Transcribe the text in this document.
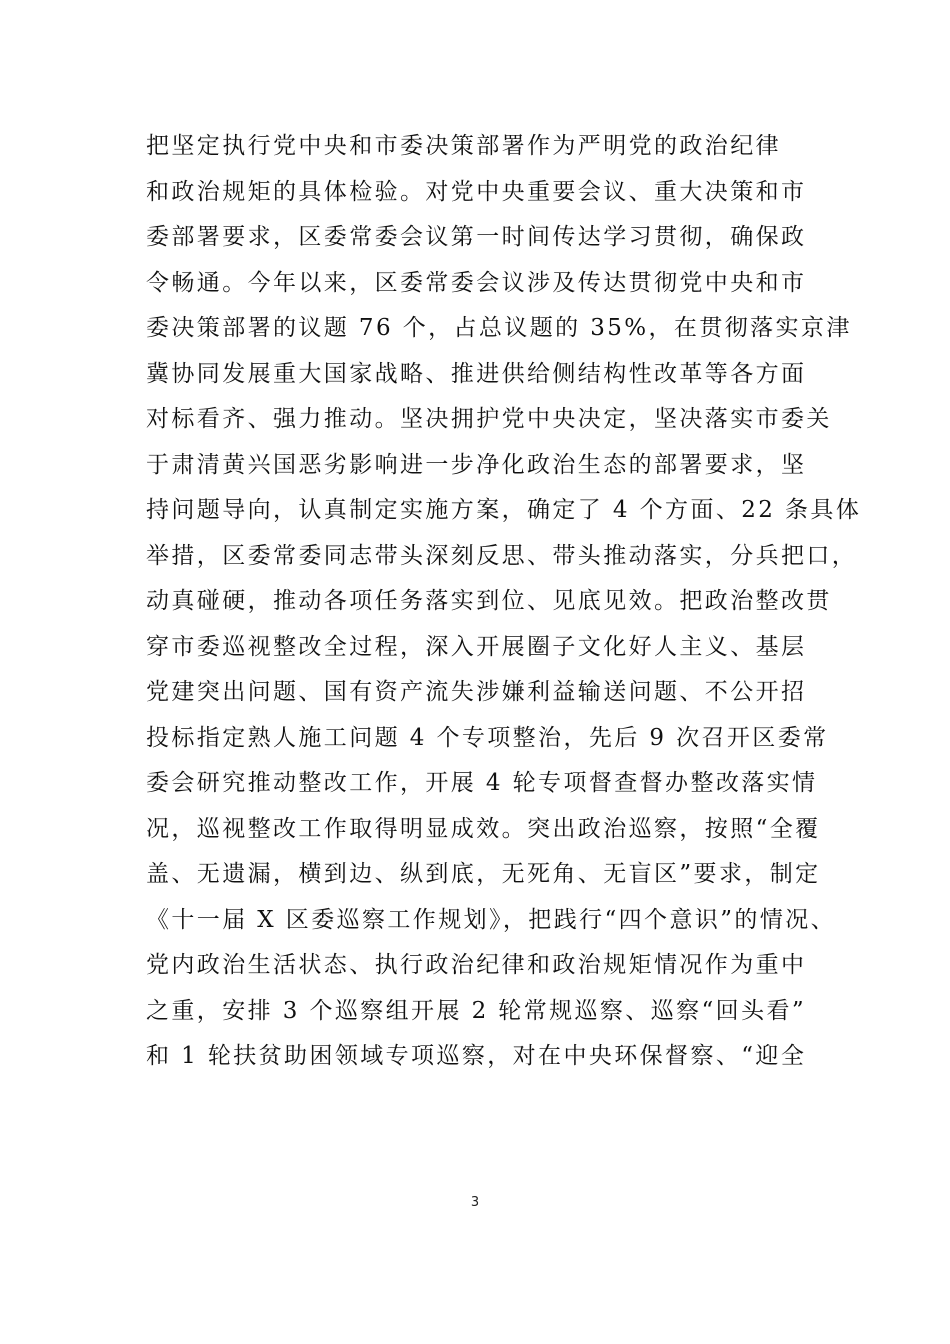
把坚定执行党中央和市委决策部署作为严明党的政治纪律
和政治规矩的具体检验。对党中央重要会议、重大决策和市
委部署要求，区委常委会议第一时间传达学习贯彻，确保政
令畅通。今年以来，区委常委会议涉及传达贯彻党中央和市
委决策部署的议题 76 个，占总议题的 35%，在贯彻落实京津
冀协同发展重大国家战略、推进供给侧结构性改革等各方面
对标看齐、强力推动。坚决拥护党中央决定，坚决落实市委关
于肃清黄兴国恶劣影响进一步净化政治生态的部署要求，坚
持问题导向，认真制定实施方案，确定了 4 个方面、22 条具体
举措，区委常委同志带头深刻反思、带头推动落实，分兵把口，
动真碰硬，推动各项任务落实到位、见底见效。把政治整改贯
穿市委巡视整改全过程，深入开展圈子文化好人主义、基层
党建突出问题、国有资产流失涉嫌利益输送问题、不公开招
投标指定熟人施工问题 4 个专项整治，先后 9 次召开区委常
委会研究推动整改工作，开展 4 轮专项督查督办整改落实情
况，巡视整改工作取得明显成效。突出政治巡察，按照“全覆
盖、无遗漏，横到边、纵到底，无死角、无盲区”要求，制定
《十一届 X 区委巡察工作规划》，把践行“四个意识”的情况、
党内政治生活状态、执行政治纪律和政治规矩情况作为重中
之重，安排 3 个巡察组开展 2 轮常规巡察、巡察“回头看”
和 1 轮扶贫助困领域专项巡察，对在中央环保督察、“迎全
3
